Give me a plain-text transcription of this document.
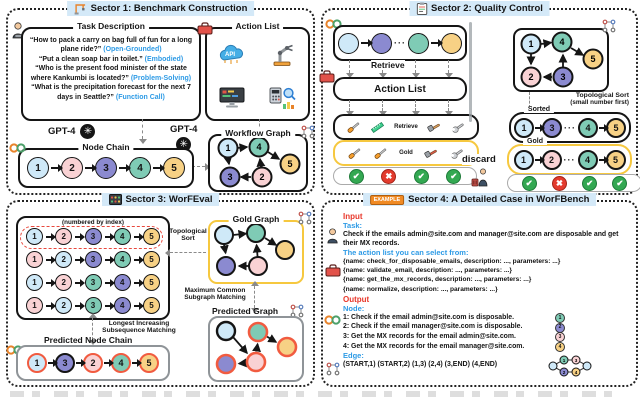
Sector 1: Benchmark Construction
Task Description
“How to pack a carry on bag full of fun for a long plane ride?” (Open-Grounded)
“Put a clean soap bar in toilet.” (Embodied)
“Who is the present food minister of the state where Kankumbi is located?” (Problem-Solving)
“What is the precipitation forecast for the next 7 days in Seattle?” (Function Call)
Action List
API
GPT-4 ✳	GPT-4
✳
Node Chain
1	2	3	4	5
Workflow Graph
1	4
3	2
5
Sector 2: Quality Control
···
Retrieve
Action List
Retrieve
Gold
✔
✖
✔
✔
discard
1	4
2	3
5
Topological Sort
(small number first)
Sorted
1	3 ···	4	5
Gold
1	2 ···	4	5
✔
✖
✔
✔
Sector 3: WorFEval
(numbered by index)
1	2	3	4	5
1	2	3	4	5
1	2	3	4	5
1	2	3	4	5
Topological
Sort
Gold Graph
Maximum Common
Subgraph Matching
Predicted Graph
Longest Increasing
Subsequence Matching
Predicted Node Chain
1	3	2	4	5
EXAMPLE Sector 4: A Detailed Case in WorFBench
Input
Task:
Check if the emails admin@site.com and manager@site.com are disposable and get their MX records.
The action list you can select from:
{name: check_for_disposable_emails, description: ..., parameters: ...}
{name: validate_email, description: ..., parameters: ...}
{name: get_the_mx_records, description: ..., parameters: ...}
{name: normalize, description: ..., parameters: ...}
Output
Node:
1: Check if the email admin@site.com is disposable.	1
2: Check if the email manager@site.com is disposable.	2
3: Get the MX records for the email admin@site.com.	3
4: Get the MX records for the email manager@site.com.	4
Edge:
(START,1) (START,2) (1,3) (2,4) (3,END) (4,END)
1
2
3
4
